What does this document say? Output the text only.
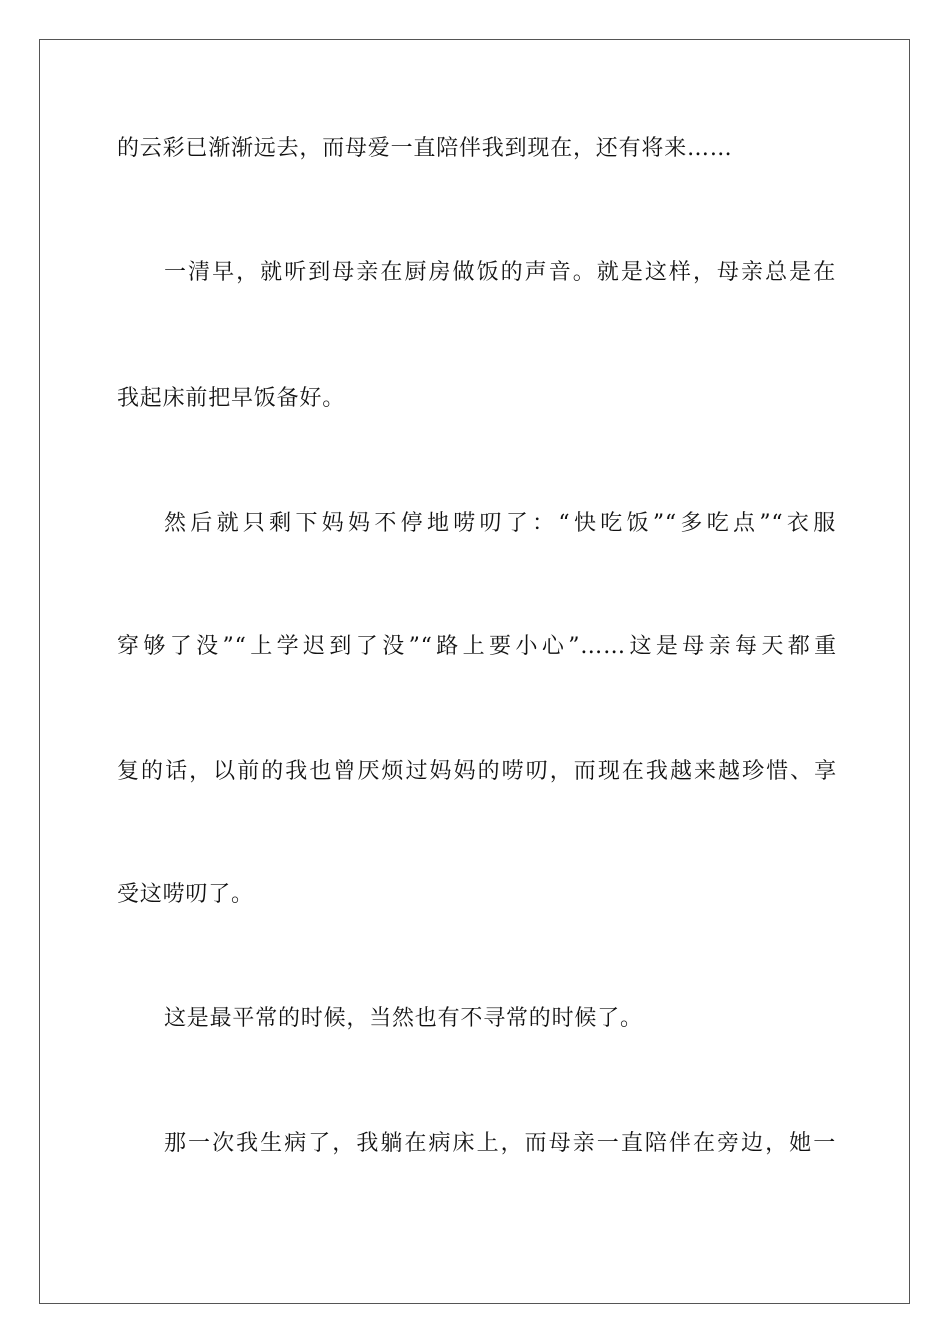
的云彩已渐渐远去，而母爱一直陪伴我到现在，还有将来……
一清早，就听到母亲在厨房做饭的声音。就是这样，母亲总是在
我起床前把早饭备好。
然后就只剩下妈妈不停地唠叨了：“快吃饭”“多吃点”“衣服
穿够了没”“上学迟到了没”“路上要小心”……这是母亲每天都重
复的话，以前的我也曾厌烦过妈妈的唠叨，而现在我越来越珍惜、享
受这唠叨了。
这是最平常的时候，当然也有不寻常的时候了。
那一次我生病了，我躺在病床上，而母亲一直陪伴在旁边，她一
